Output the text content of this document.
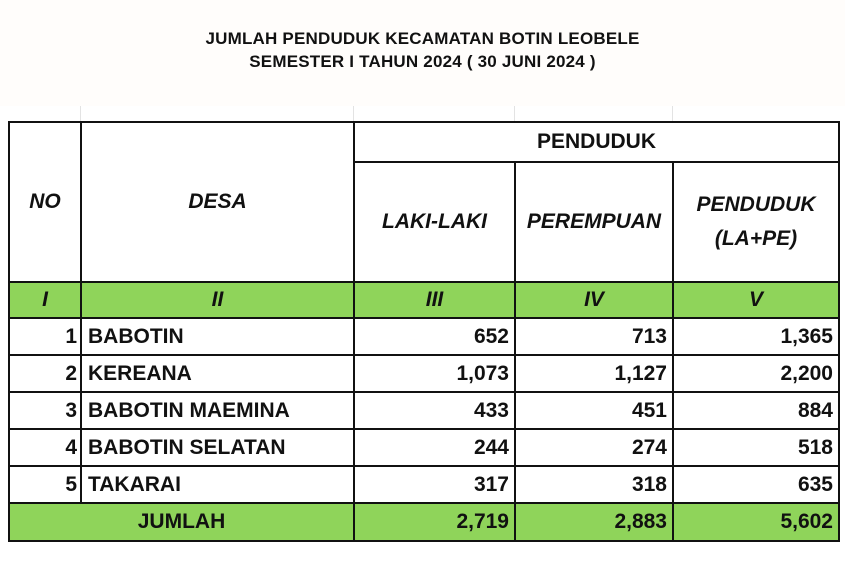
JUMLAH PENDUDUK KECAMATAN BOTIN LEOBELE
SEMESTER I TAHUN 2024 ( 30 JUNI 2024 )
NO	DESA	PENDUDUK		
		LAKI-LAKI	PEREMPUAN	PENDUDUK
(LA+PE)

I	II	III	IV	V
1	BABOTIN	652	713	1,365
2	KEREANA	1,073	1,127	2,200
3	BABOTIN MAEMINA	433	451	884
4	BABOTIN SELATAN	244	274	518
5	TAKARAI	317	318	635
JUMLAH		2,719	2,883	5,602
